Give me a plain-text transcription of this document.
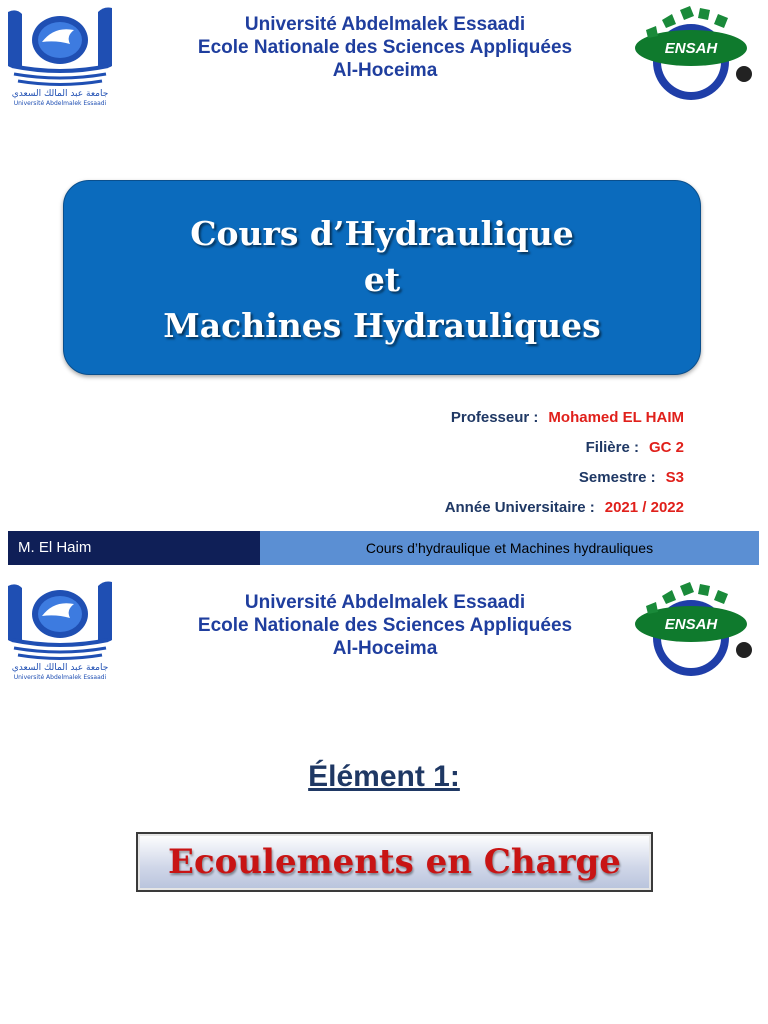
جامعة عبد المالك السعدي
Université Abdelmalek Essaadi
Université Abdelmalek Essaadi
Ecole Nationale des Sciences Appliquées
Al-Hoceima
ENSAH
Cours d’Hydraulique
et
Machines Hydrauliques
Professeur : Mohamed EL HAIM
Filière : GC 2
Semestre : S3
Année Universitaire : 2021 / 2022
M. El Haim	Cours d’hydraulique et Machines hydrauliques
جامعة عبد المالك السعدي
Université Abdelmalek Essaadi
Université Abdelmalek Essaadi
Ecole Nationale des Sciences Appliquées
Al-Hoceima
ENSAH
Élément 1:
Ecoulements en Charge
